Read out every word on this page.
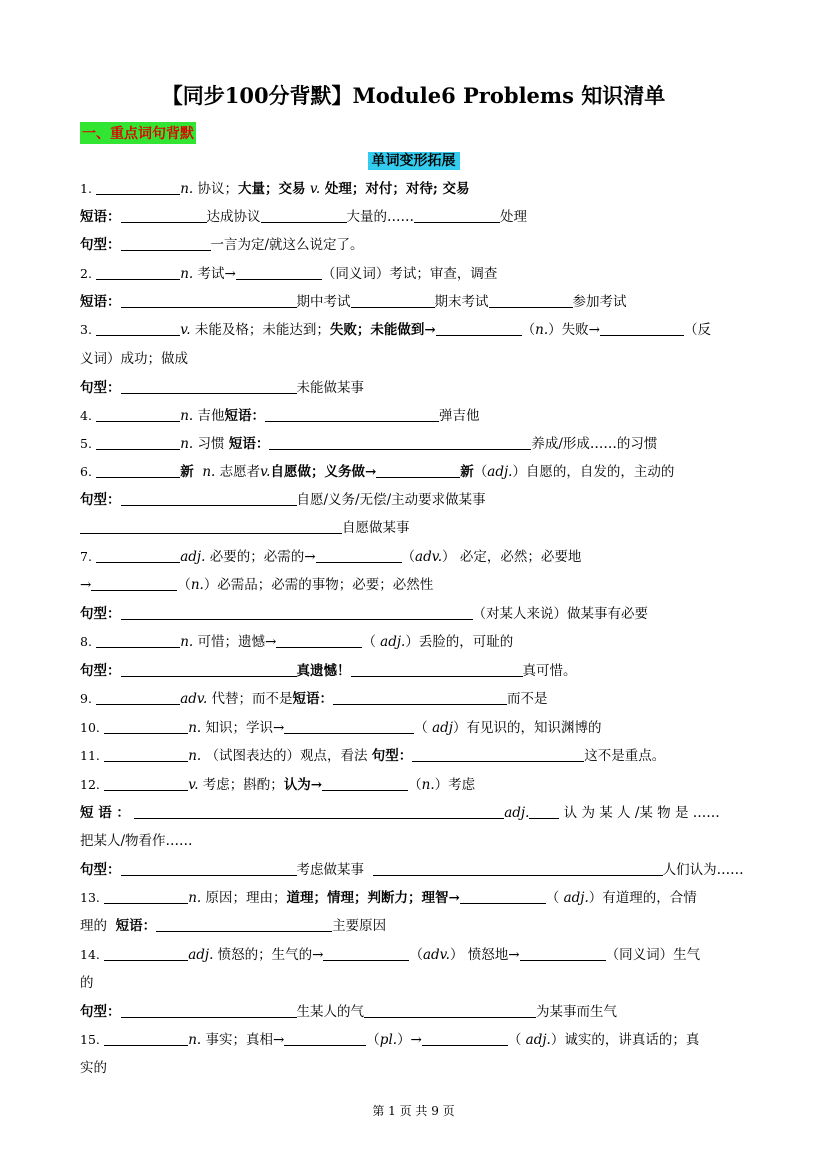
【同步100分背默】Module6 Problems 知识清单
一、重点词句背默
单词变形拓展
1.	n. 协议；大量；交易 v. 处理；对付；对待; 交易
短语：	达成协议	大量的……	处理
句型：	一言为定/就这么说定了。
2.	n. 考试→	（同义词）考试；审查，调查
短语：	期中考试	期末考试	参加考试
3.	v. 未能及格；未能达到；失败；未能做到→	（n.）失败→	（反
义词）成功；做成
句型：	未能做某事
4.	n. 吉他短语：	弹吉他
5.	n. 习惯 短语：	养成/形成……的习惯
6.	新 n. 志愿者v.自愿做；义务做→	新（adj.）自愿的，自发的，主动的
句型：	自愿/义务/无偿/主动要求做某事
自愿做某事
7.	adj. 必要的；必需的→	（adv.） 必定，必然；必要地
→	（n.）必需品；必需的事物；必要；必然性
句型：	（对某人来说）做某事有必要
8.	n. 可惜；遗憾→	（ adj.）丢脸的，可耻的
句型：	真遗憾！	真可惜。
9.	adv. 代替；而不是短语：	而不是
10.	n. 知识；学识→	（ adj）有见识的，知识渊博的
11.	n. （试图表达的）观点，看法 句型：	这不是重点。
12.	v. 考虑；斟酌；认为→	（n.）考虑
短 语 ：	adj.	认 为 某 人 /某 物 是 ……
把某人/物看作……
句型：	考虑做某事	人们认为……
13.	n. 原因；理由；道理；情理；判断力；理智→	（ adj.）有道理的，合情
理的  短语：	主要原因
14.	adj. 愤怒的；生气的→	（adv.） 愤怒地→	（同义词）生气
的
句型：	生某人的气	为某事而生气
15.	n. 事实；真相→	（pl.）→	（ adj.）诚实的，讲真话的；真
实的
第 1 页 共 9 页
